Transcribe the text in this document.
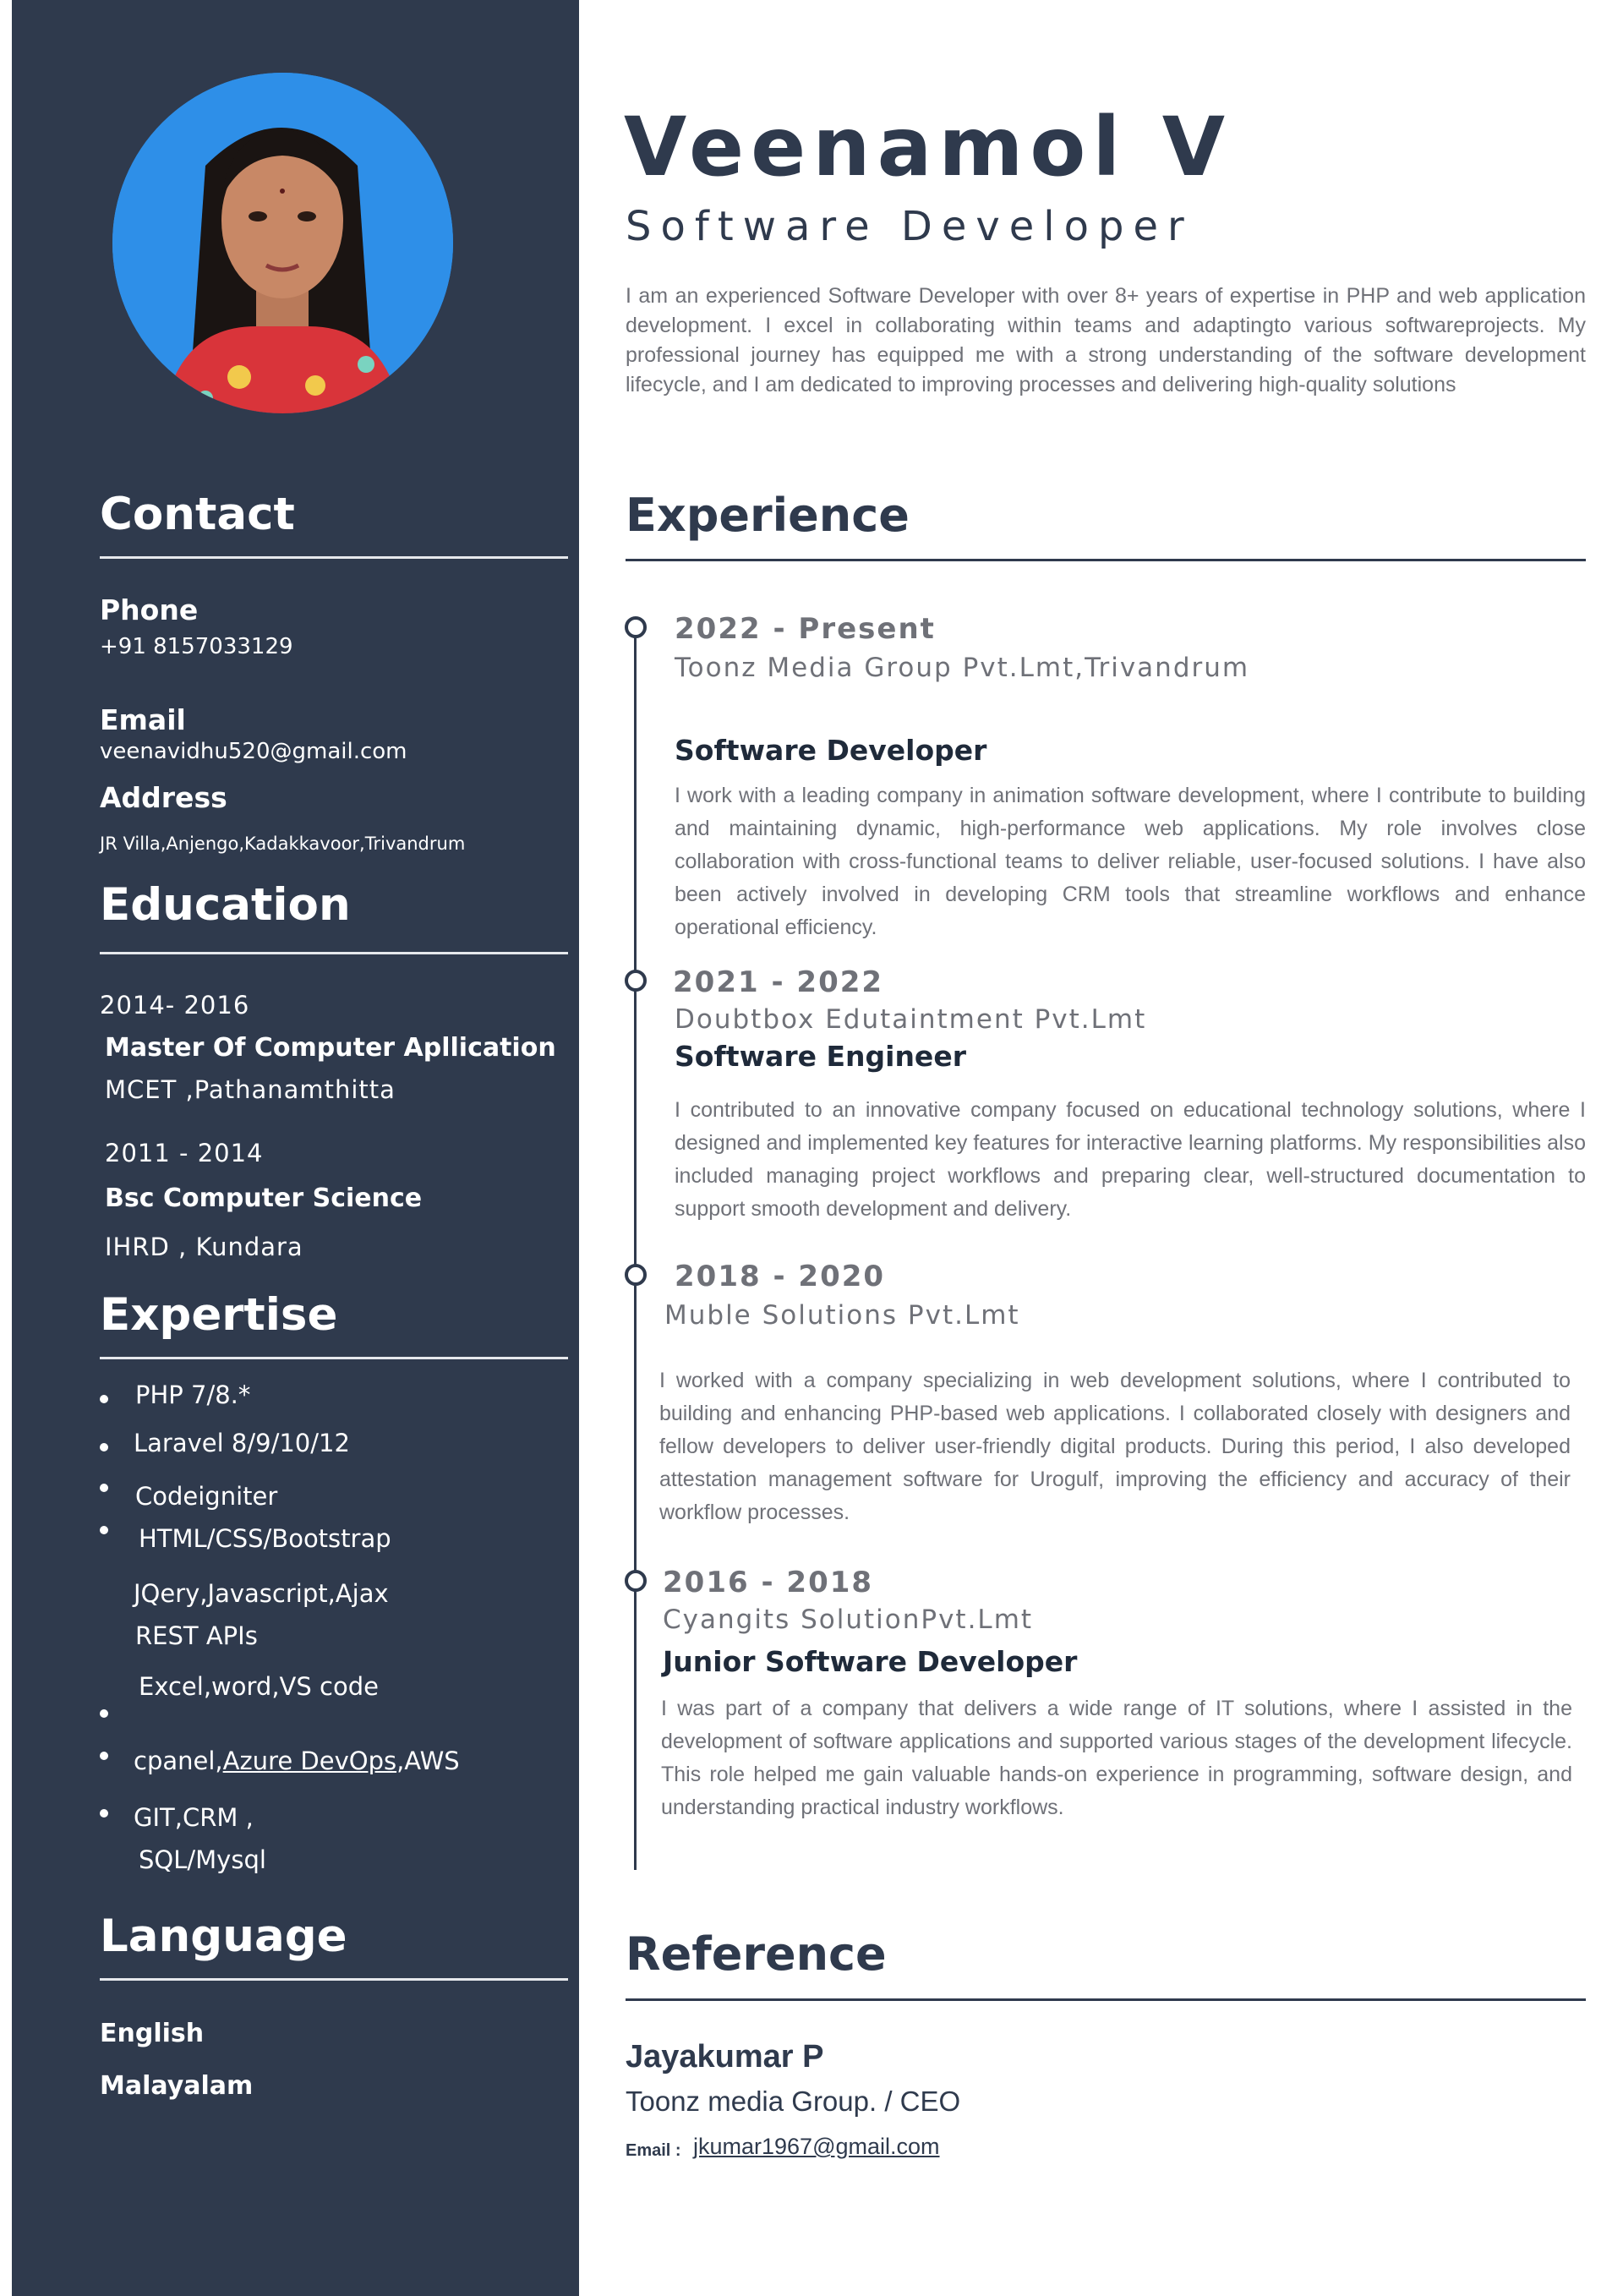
Contact
Phone
+91 8157033129
Email
veenavidhu520@gmail.com
Address
JR Villa,Anjengo,Kadakkavoor,Trivandrum
Education
2014- 2016
Master Of Computer Apllication
MCET ,Pathanamthitta
2011 - 2014
Bsc Computer Science
IHRD , Kundara
Expertise
PHP 7/8.*
Laravel 8/9/10/12
Codeigniter
HTML/CSS/Bootstrap
JQery,Javascript,Ajax
REST APIs
Excel,word,VS code
cpanel,Azure DevOps,AWS
GIT,CRM ,
SQL/Mysql
Language
English
Malayalam
Veenamol V
Software Developer
I am an experienced Software Developer with over 8+ years of expertise in PHP and web application development. I excel in collaborating within teams and adaptingto various softwareprojects. My professional journey has equipped me with a strong understanding of the software development lifecycle, and I am dedicated to improving processes and delivering high-quality solutions
Experience
2022 - Present
Toonz Media Group Pvt.Lmt,Trivandrum
Software Developer
I work with a leading company in animation software development, where I contribute to building and maintaining dynamic, high-performance web applications. My role involves close collaboration with cross-functional teams to deliver reliable, user-focused solutions. I have also been actively involved in developing CRM tools that streamline workflows and enhance operational efficiency.
2021 - 2022
Doubtbox Edutaintment Pvt.Lmt
Software Engineer
I contributed to an innovative company focused on educational technology solutions, where I designed and implemented key features for interactive learning platforms. My responsibilities also included managing project workflows and preparing clear, well-structured documentation to support smooth development and delivery.
2018 - 2020
Muble Solutions Pvt.Lmt
I worked with a company specializing in web development solutions, where I contributed to building and enhancing PHP-based web applications. I collaborated closely with designers and fellow developers to deliver user-friendly digital products. During this period, I also developed attestation management software for Urogulf, improving the efficiency and accuracy of their workflow processes.
2016 - 2018
Cyangits SolutionPvt.Lmt
Junior Software Developer
I was part of a company that delivers a wide range of IT solutions, where I assisted in the development of software applications and supported various stages of the development lifecycle. This role helped me gain valuable hands-on experience in programming, software design, and understanding practical industry workflows.
Reference
Jayakumar P
Toonz media Group. / CEO
Email : jkumar1967@gmail.com
